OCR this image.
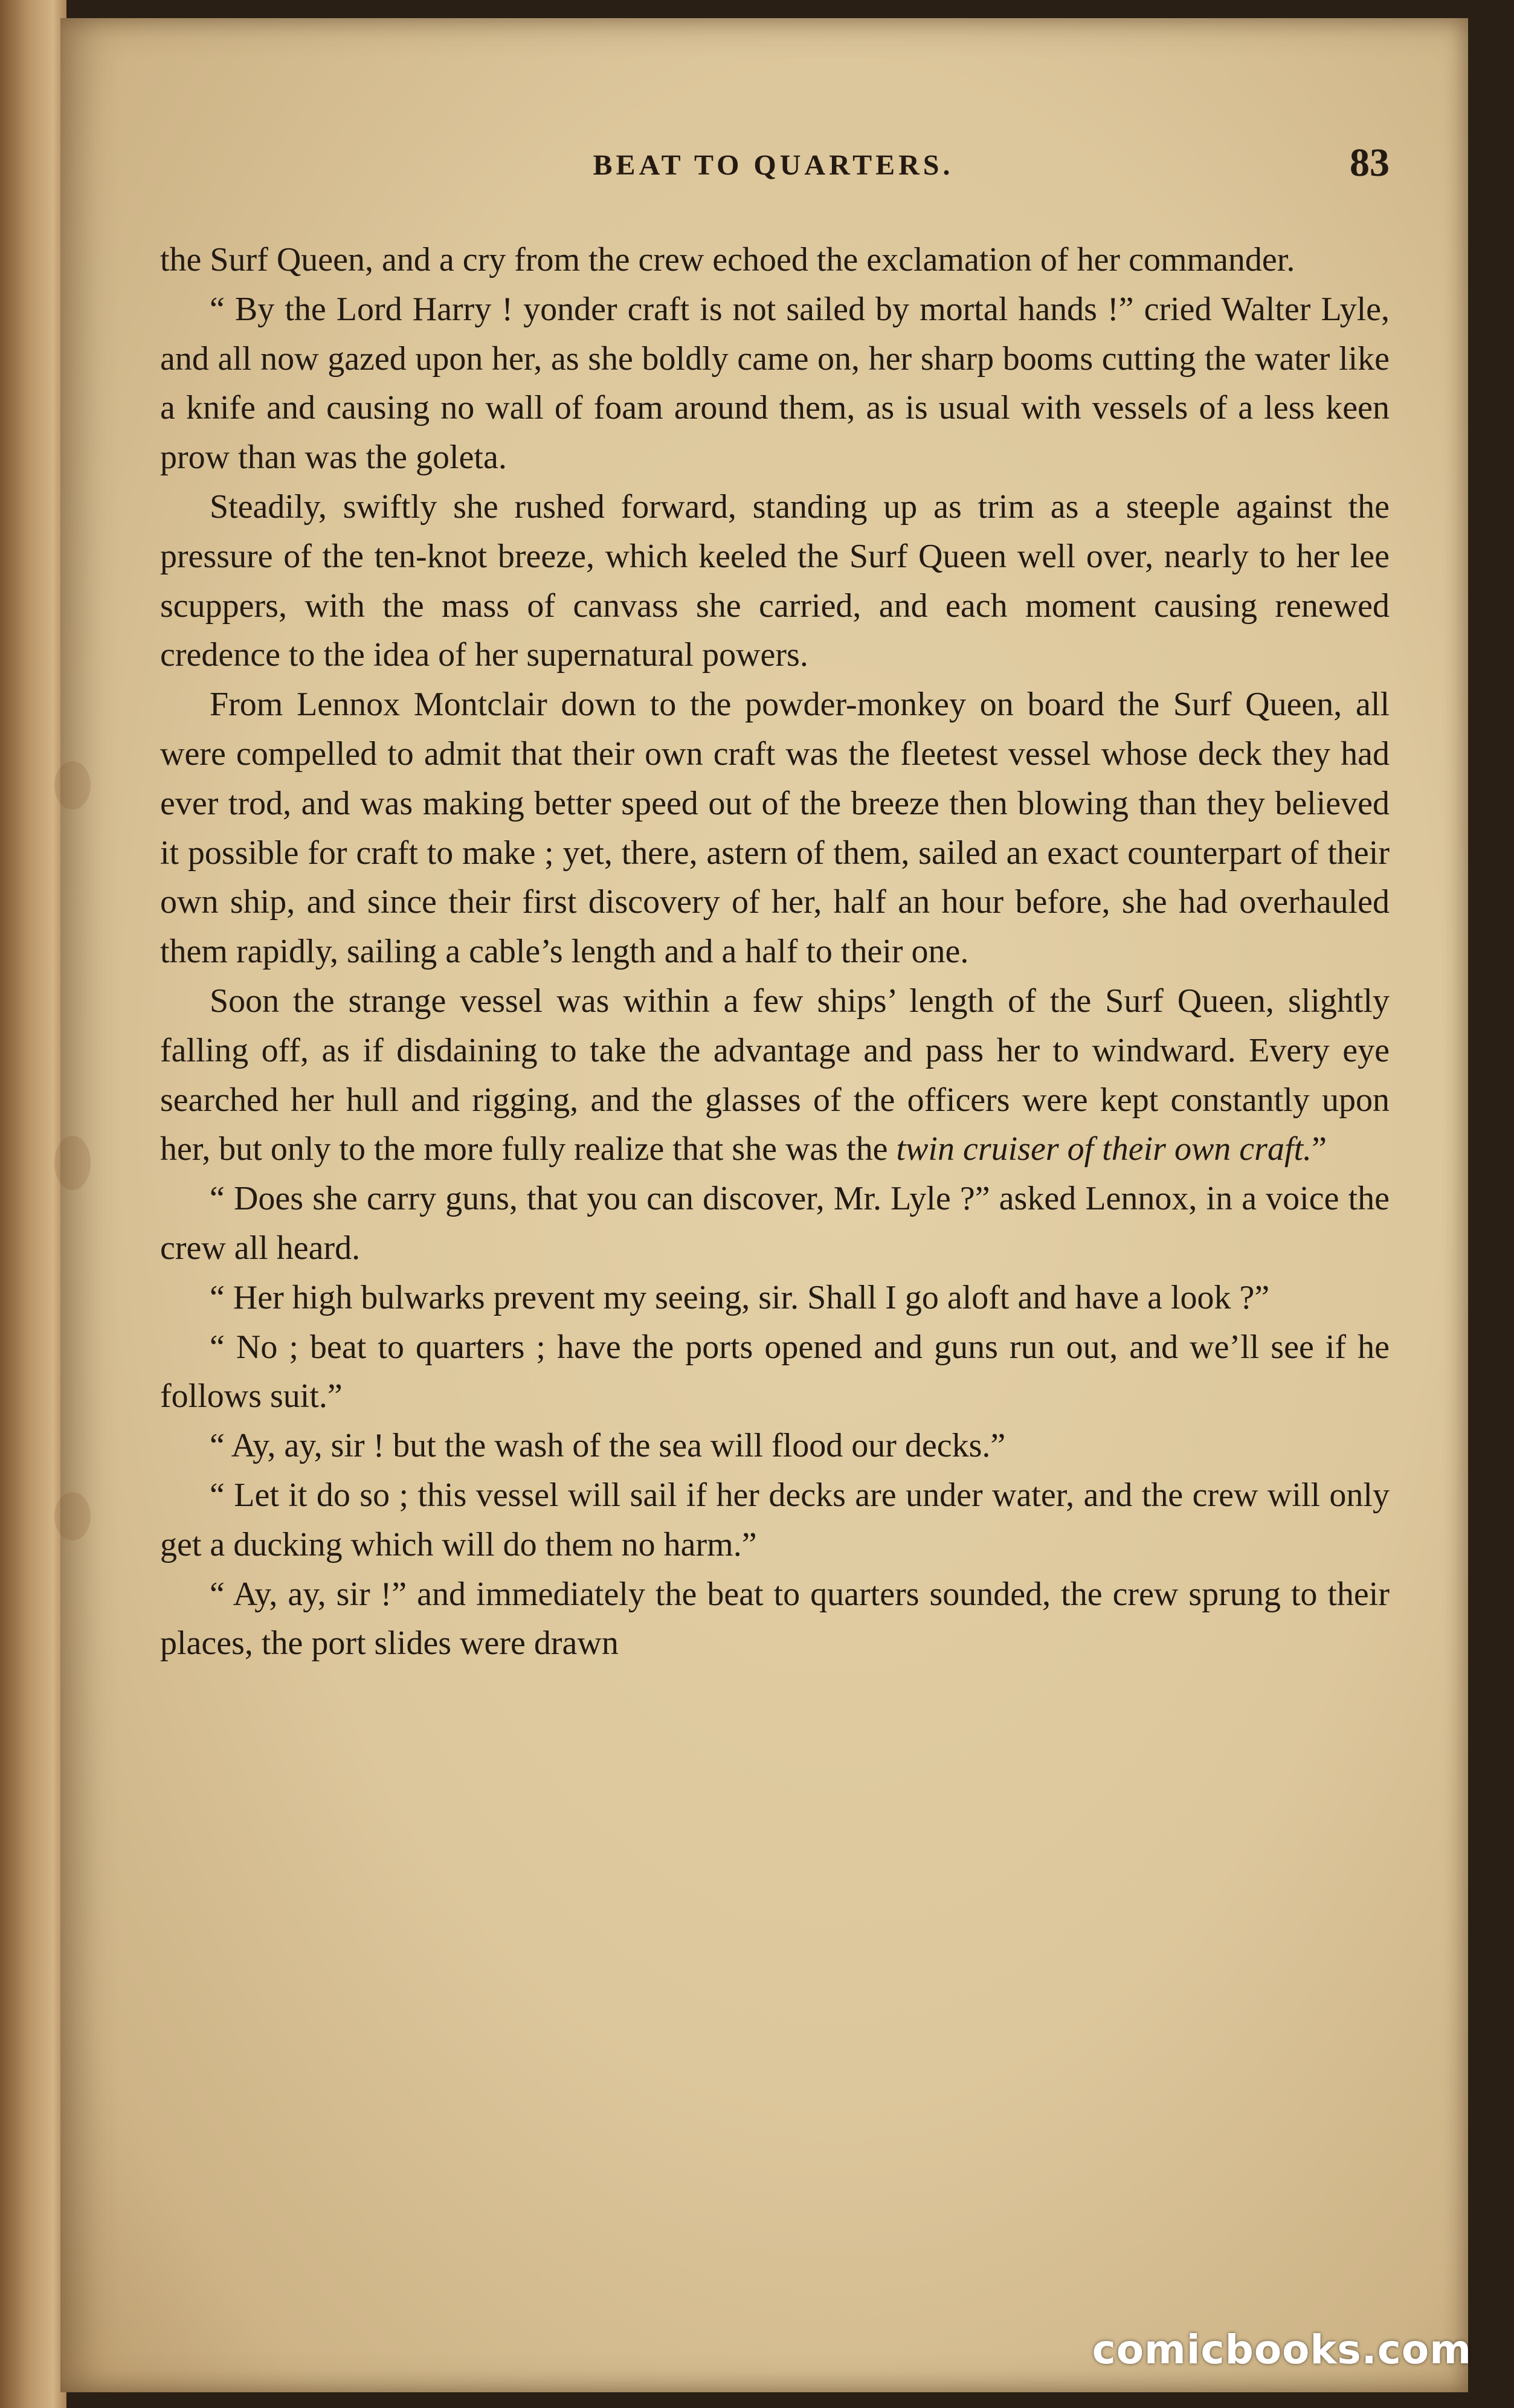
BEAT TO QUARTERS.	83

the Surf Queen, and a cry from the crew echoed the exclamation of her commander.

“ By the Lord Harry ! yonder craft is not sailed by mortal hands !” cried Walter Lyle, and all now gazed upon her, as she boldly came on, her sharp booms cutting the water like a knife and causing no wall of foam around them, as is usual with vessels of a less keen prow than was the goleta.

Steadily, swiftly she rushed forward, standing up as trim as a steeple against the pressure of the ten-knot breeze, which keeled the Surf Queen well over, nearly to her lee scuppers, with the mass of canvass she carried, and each moment causing renewed credence to the idea of her supernatural powers.

From Lennox Montclair down to the powder-monkey on board the Surf Queen, all were compelled to admit that their own craft was the fleetest vessel whose deck they had ever trod, and was making better speed out of the breeze then blowing than they believed it possible for craft to make ; yet, there, astern of them, sailed an exact counterpart of their own ship, and since their first discovery of her, half an hour before, she had overhauled them rapidly, sailing a cable’s length and a half to their one.

Soon the strange vessel was within a few ships’ length of the Surf Queen, slightly falling off, as if disdaining to take the advantage and pass her to windward. Every eye searched her hull and rigging, and the glasses of the officers were kept constantly upon her, but only to the more fully realize that she was the twin cruiser of their own craft.”

“ Does she carry guns, that you can discover, Mr. Lyle ?” asked Lennox, in a voice the crew all heard.

“ Her high bulwarks prevent my seeing, sir. Shall I go aloft and have a look ?”

“ No ; beat to quarters ; have the ports opened and guns run out, and we’ll see if he follows suit.”

“ Ay, ay, sir ! but the wash of the sea will flood our decks.”

“ Let it do so ; this vessel will sail if her decks are under water, and the crew will only get a ducking which will do them no harm.”

“ Ay, ay, sir !” and immediately the beat to quarters sounded, the crew sprung to their places, the port slides were drawn

comicbooks.com
